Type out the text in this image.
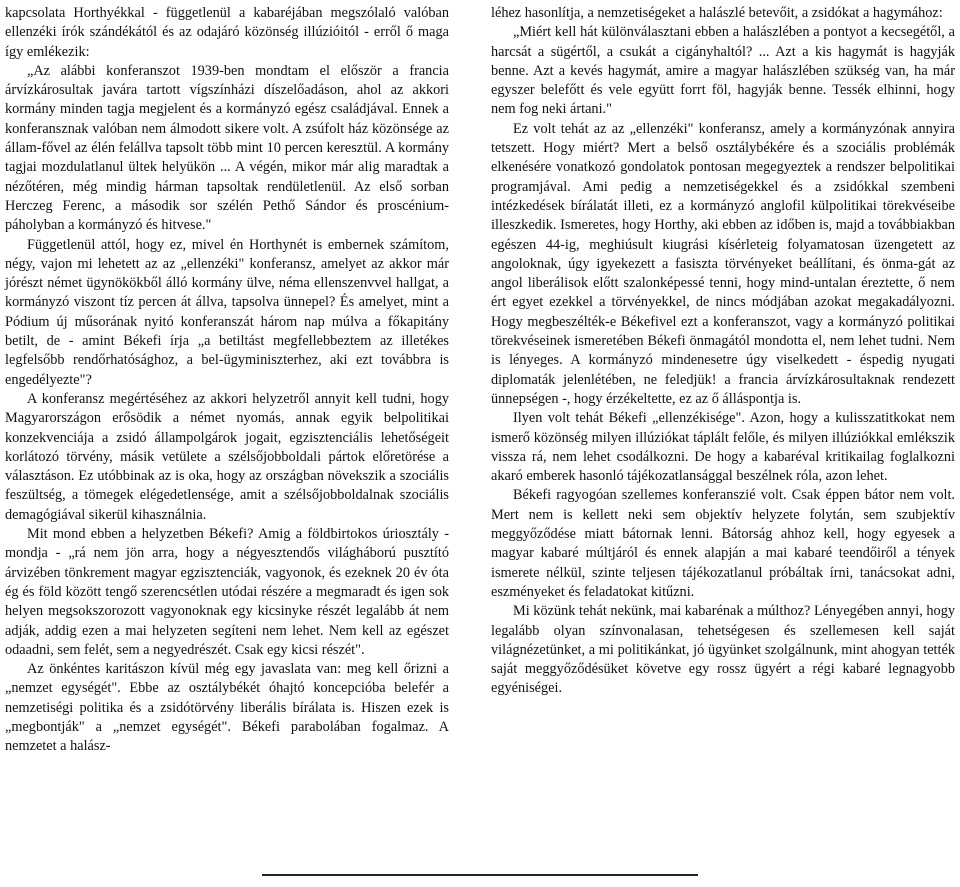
kapcsolata Horthyékkal - függetlenül a kabaréjában megszólaló valóban ellenzéki írók szándékától és az odajáró közönség illúzióitól - erről ő maga így emlékezik:

„Az alábbi konferanszot 1939-ben mondtam el először a francia árvízkárosultak javára tartott vígszínházi díszelőadáson, ahol az akkori kormány minden tagja megjelent és a kormányzó egész családjával. Ennek a konferansznak valóban nem álmodott sikere volt. A zsúfolt ház közönsége az állam-fővel az élén felállva tapsolt több mint 10 percen keresztül. A kormány tagjai mozdulatlanul ültek helyükön ... A végén, mikor már alig maradtak a nézőtéren, még mindig hárman tapsoltak rendületlenül. Az első sorban Herczeg Ferenc, a második sor szélén Pethő Sándor és proscénium-páholyban a kormányzó és hitvese."

Függetlenül attól, hogy ez, mivel én Horthynét is embernek számítom, négy, vajon mi lehetett az az „ellenzéki" konferansz, amelyet az akkor már jórészt német ügynökökből álló kormány ülve, néma ellenszenvvel hallgat, a kormányzó viszont tíz percen át állva, tapsolva ünnepel? És amelyet, mint a Pódium új műsorának nyitó konferanszát három nap múlva a főkapitány betilt, de - amint Békefi írja „a betiltást megfellebbeztem az illetékes legfelsőbb rendőrhatósághoz, a bel-ügyminiszterhez, aki ezt továbbra is engedélyezte"?

A konferansz megértéséhez az akkori helyzetről annyit kell tudni, hogy Magyarországon erősödik a német nyomás, annak egyik belpolitikai konzekvenciája a zsidó állampolgárok jogait, egzisztenciális lehetőségeit korlátozó törvény, másik vetülete a szélsőjobboldali pártok előretörése a választáson. Ez utóbbinak az is oka, hogy az országban növekszik a szociális feszültség, a tömegek elégedetlensége, amit a szélsőjobboldalnak szociális demagógiával sikerül kihasználnia.

Mit mond ebben a helyzetben Békefi? Amig a földbirtokos úriosztály - mondja - „rá nem jön arra, hogy a négyesztendős világháború pusztító árvizében tönkrement magyar egzisztenciák, vagyonok, és ezeknek 20 év óta ég és föld között tengő szerencsétlen utódai részére a megmaradt és igen sok helyen megsokszorozott vagyonoknak egy kicsinyke részét legalább át nem adják, addig ezen a mai helyzeten segíteni nem lehet. Nem kell az egészet odaadni, sem felét, sem a negyedrészét. Csak egy kicsi részét".

Az önkéntes karitászon kívül még egy javaslata van: meg kell őrizni a „nemzet egységét". Ebbe az osztálybékét óhajtó koncepcióba belefér a nemzetiségi politika és a zsidótörvény liberális bírálata is. Hiszen ezek is „megbontják" a „nemzet egységét". Békefi parabolában fogalmaz. A nemzetet a halász-

léhez hasonlítja, a nemzetiségeket a halászlé betevőit, a zsidókat a hagymához:

„Miért kell hát különválasztani ebben a halászlében a pontyot a kecsegétől, a harcsát a sügértől, a csukát a cigányhaltól? ... Azt a kis hagymát is hagyják benne. Azt a kevés hagymát, amire a magyar halászlében szükség van, ha már egyszer belefőtt és vele együtt forrt föl, hagyják benne. Tessék elhinni, hogy nem fog neki ártani."

Ez volt tehát az az „ellenzéki" konferansz, amely a kormányzónak annyira tetszett. Hogy miért? Mert a belső osztálybékére és a szociális problémák elkenésére vonatkozó gondolatok pontosan megegyeztek a rendszer belpolitikai programjával. Ami pedig a nemzetiségekkel és a zsidókkal szembeni intézkedések bírálatát illeti, ez a kormányzó anglofil külpolitikai törekvéseibe illeszkedik. Ismeretes, hogy Horthy, aki ebben az időben is, majd a továbbiakban egészen 44-ig, meghiúsult kiugrási kísérleteig folyamatosan üzengetett az angoloknak, úgy igyekezett a fasiszta törvényeket beállítani, és önma-gát az angol liberálisok előtt szalonképessé tenni, hogy mind-untalan éreztette, ő nem ért egyet ezekkel a törvényekkel, de nincs módjában azokat megakadályozni. Hogy megbeszélték-e Békefivel ezt a konferanszot, vagy a kormányzó politikai törekvéseinek ismeretében Békefi önmagától mondotta el, nem lehet tudni. Nem is lényeges. A kormányzó mindenesetre úgy viselkedett - éspedig nyugati diplomaták jelenlétében, ne feledjük! a francia árvízkárosultaknak rendezett ünnepségen -, hogy érzékeltette, ez az ő álláspontja is.

Ilyen volt tehát Békefi „ellenzékisége". Azon, hogy a kulisszatitkokat nem ismerő közönség milyen illúziókat táplált felőle, és milyen illúziókkal emlékszik vissza rá, nem lehet csodálkozni. De hogy a kabaréval kritikailag foglalkozni akaró emberek hasonló tájékozatlansággal beszélnek róla, azon lehet.

Békefi ragyogóan szellemes konferanszié volt. Csak éppen bátor nem volt. Mert nem is kellett neki sem objektív helyzete folytán, sem szubjektív meggyőződése miatt bátornak lenni. Bátorság ahhoz kell, hogy egyesek a magyar kabaré múltjáról és ennek alapján a mai kabaré teendőiről a tények ismerete nélkül, szinte teljesen tájékozatlanul próbáltak írni, tanácsokat adni, eszményeket és feladatokat kitűzni.

Mi közünk tehát nekünk, mai kabarénak a múlthoz? Lényegében annyi, hogy legalább olyan színvonalasan, tehetségesen és szellemesen kell saját világnézetünket, a mi politikánkat, jó ügyünket szolgálnunk, mint ahogyan tették saját meggyőződésüket követve egy rossz ügyért a régi kabaré legnagyobb egyéniségei.
